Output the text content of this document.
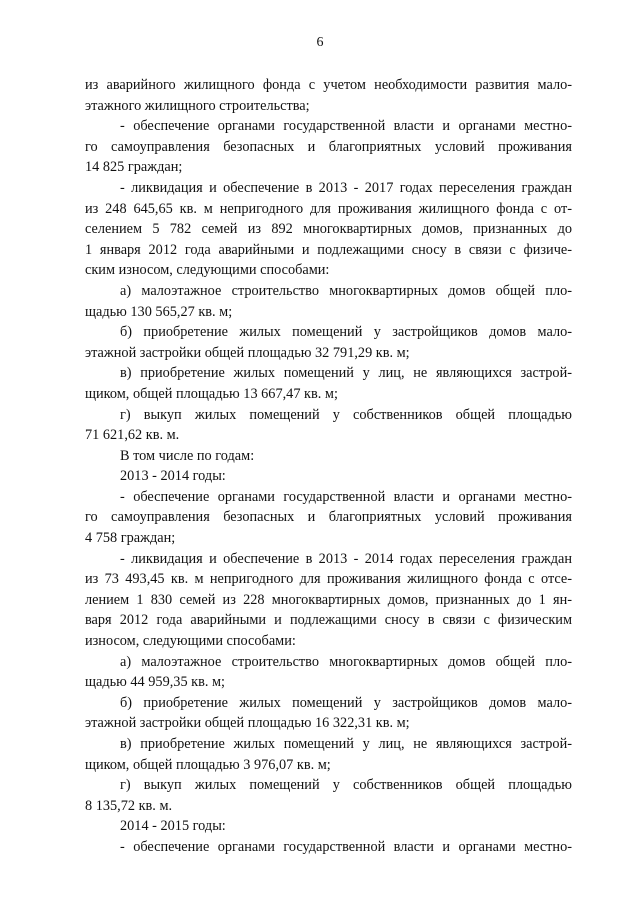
6
из аварийного жилищного фонда с учетом необходимости развития мало-
этажного жилищного строительства;
- обеспечение органами государственной власти и органами местно-
го самоуправления безопасных и благоприятных условий проживания
14 825 граждан;
- ликвидация и обеспечение в 2013 - 2017 годах переселения граждан
из 248 645,65 кв. м непригодного для проживания жилищного фонда с от-
селением 5 782 семей из 892 многоквартирных домов, признанных до
1 января 2012 года аварийными и подлежащими сносу в связи с физиче-
ским износом, следующими способами:
а) малоэтажное строительство многоквартирных домов общей пло-
щадью 130 565,27 кв. м;
б) приобретение жилых помещений у застройщиков домов мало-
этажной застройки общей площадью 32 791,29 кв. м;
в) приобретение жилых помещений у лиц, не являющихся застрой-
щиком, общей площадью 13 667,47 кв. м;
г) выкуп жилых помещений у собственников общей площадью
71 621,62 кв. м.
В том числе по годам:
2013 - 2014 годы:
- обеспечение органами государственной власти и органами местно-
го самоуправления безопасных и благоприятных условий проживания
4 758 граждан;
- ликвидация и обеспечение в 2013 - 2014 годах переселения граждан
из 73 493,45 кв. м непригодного для проживания жилищного фонда с отсе-
лением 1 830 семей из 228 многоквартирных домов, признанных до 1 ян-
варя 2012 года аварийными и подлежащими сносу в связи с физическим
износом, следующими способами:
а) малоэтажное строительство многоквартирных домов общей пло-
щадью 44 959,35 кв. м;
б) приобретение жилых помещений у застройщиков домов мало-
этажной застройки общей площадью 16 322,31 кв. м;
в) приобретение жилых помещений у лиц, не являющихся застрой-
щиком, общей площадью 3 976,07 кв. м;
г) выкуп жилых помещений у собственников общей площадью
8 135,72 кв. м.
2014 - 2015 годы:
- обеспечение органами государственной власти и органами местно-
